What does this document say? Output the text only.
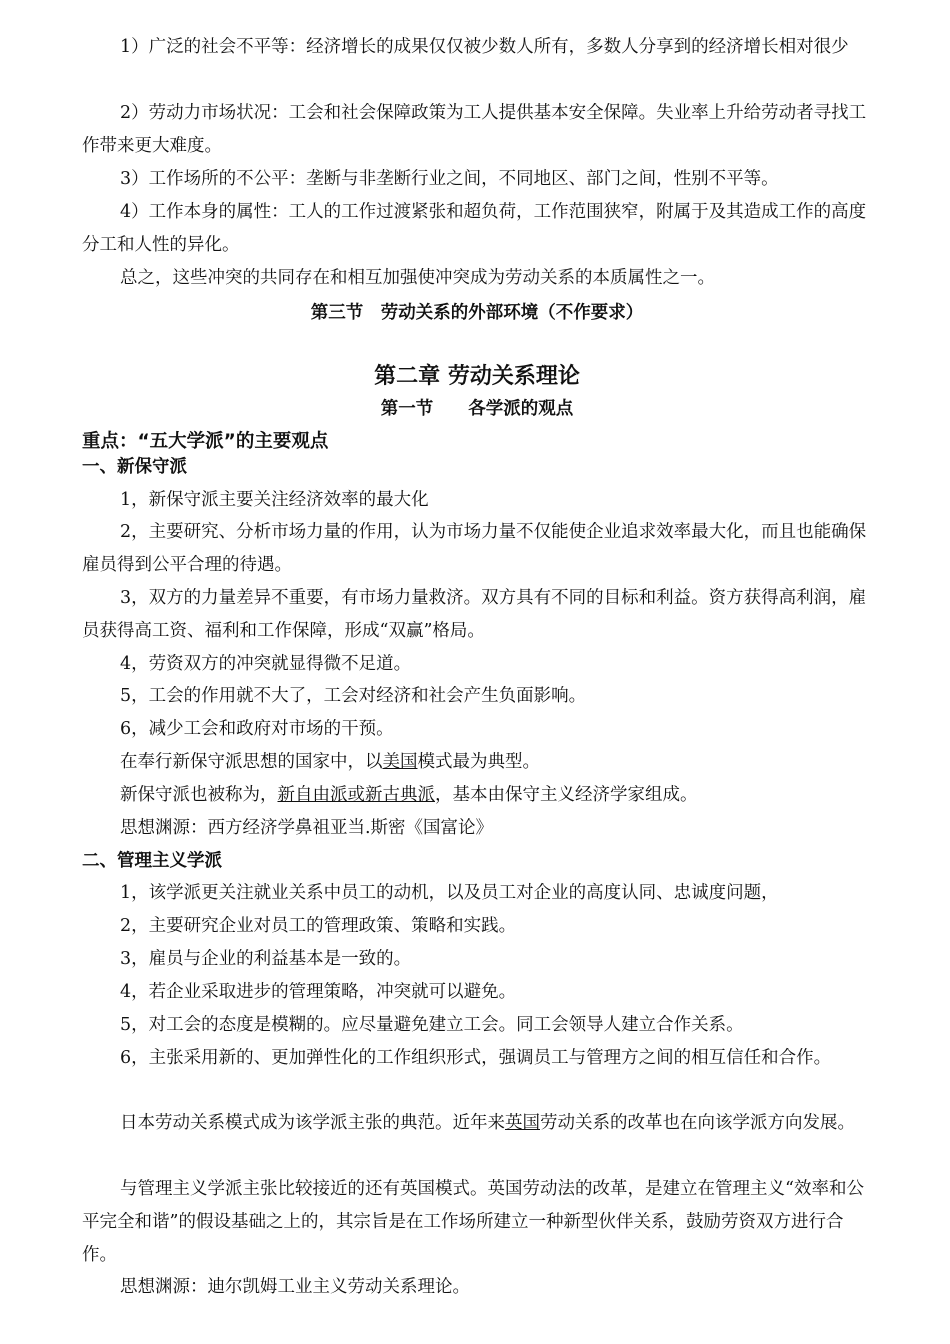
1）广泛的社会不平等：经济增长的成果仅仅被少数人所有，多数人分享到的经济增长相对很少

2）劳动力市场状况：工会和社会保障政策为工人提供基本安全保障。失业率上升给劳动者寻找工作带来更大难度。

3）工作场所的不公平：垄断与非垄断行业之间，不同地区、部门之间，性别不平等。

4）工作本身的属性：工人的工作过渡紧张和超负荷，工作范围狭窄，附属于及其造成工作的高度分工和人性的异化。

总之，这些冲突的共同存在和相互加强使冲突成为劳动关系的本质属性之一。

第三节　劳动关系的外部环境（不作要求）

第二章 劳动关系理论

第一节　　各学派的观点

重点：“五大学派”的主要观点

一、新保守派

1，新保守派主要关注经济效率的最大化

2，主要研究、分析市场力量的作用，认为市场力量不仅能使企业追求效率最大化，而且也能确保雇员得到公平合理的待遇。

3，双方的力量差异不重要，有市场力量救济。双方具有不同的目标和利益。资方获得高利润，雇员获得高工资、福利和工作保障，形成“双赢”格局。

4，劳资双方的冲突就显得微不足道。

5，工会的作用就不大了，工会对经济和社会产生负面影响。

6，减少工会和政府对市场的干预。

在奉行新保守派思想的国家中，以美国模式最为典型。

新保守派也被称为，新自由派或新古典派，基本由保守主义经济学家组成。

思想渊源：西方经济学鼻祖亚当.斯密《国富论》

二、管理主义学派

1，该学派更关注就业关系中员工的动机，以及员工对企业的高度认同、忠诚度问题，

2，主要研究企业对员工的管理政策、策略和实践。

3，雇员与企业的利益基本是一致的。

4，若企业采取进步的管理策略，冲突就可以避免。

5，对工会的态度是模糊的。应尽量避免建立工会。同工会领导人建立合作关系。

6，主张采用新的、更加弹性化的工作组织形式，强调员工与管理方之间的相互信任和合作。

日本劳动关系模式成为该学派主张的典范。近年来英国劳动关系的改革也在向该学派方向发展。

与管理主义学派主张比较接近的还有英国模式。英国劳动法的改革，是建立在管理主义“效率和公平完全和谐”的假设基础之上的，其宗旨是在工作场所建立一种新型伙伴关系，鼓励劳资双方进行合作。

思想渊源：迪尔凯姆工业主义劳动关系理论。
